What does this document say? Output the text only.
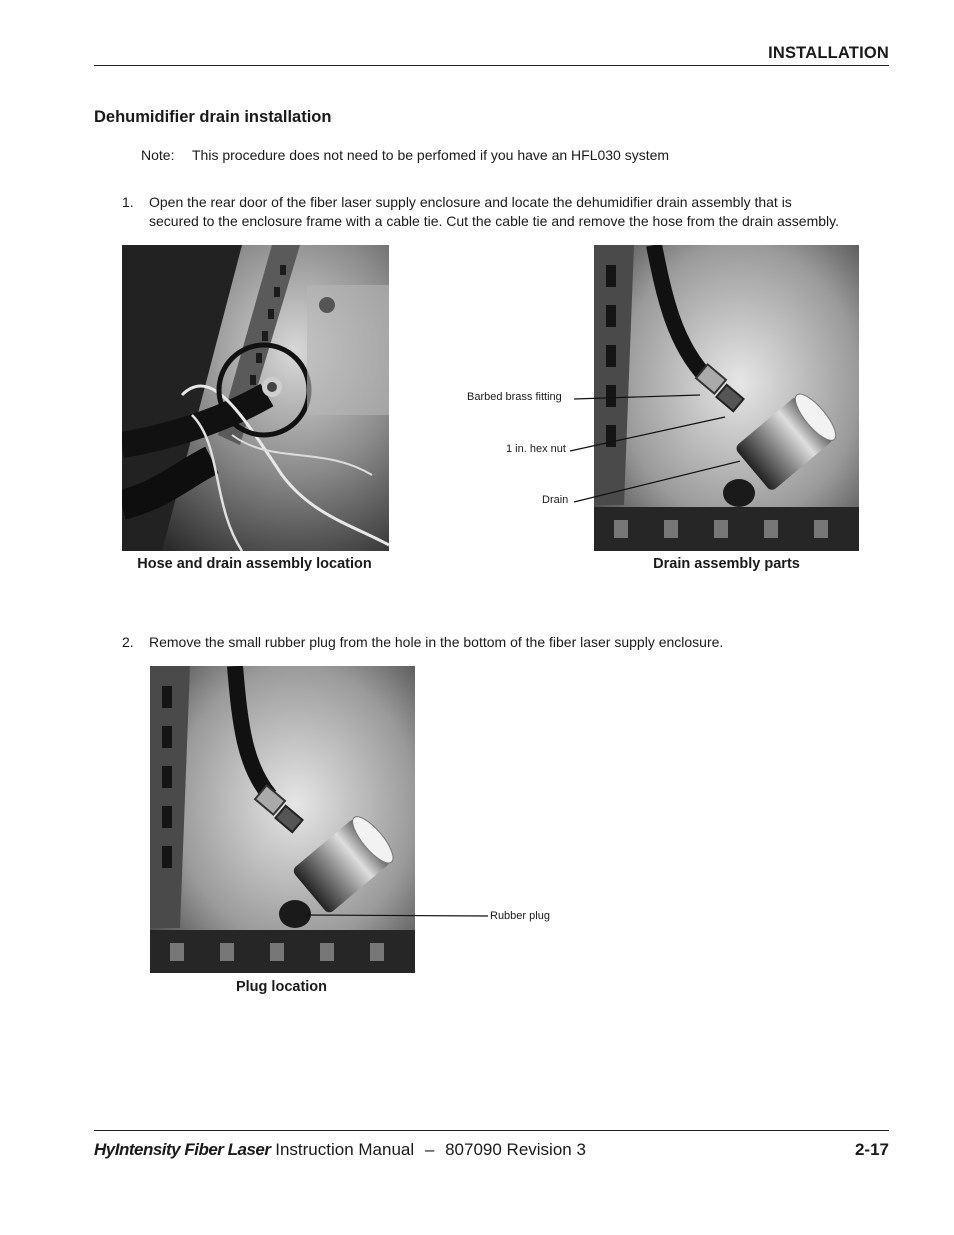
INSTALLATION
Dehumidifier drain installation
Note: This procedure does not need to be perfomed if you have an HFL030 system
1. Open the rear door of the fiber laser supply enclosure and locate the dehumidifier drain assembly that is
secured to the enclosure frame with a cable tie. Cut the cable tie and remove the hose from the drain assembly.
Hose and drain assembly location	Drain assembly parts
Barbed brass fitting
1 in. hex nut
Drain
2. Remove the small rubber plug from the hole in the bottom of the fiber laser supply enclosure.
Plug location
Rubber plug
HyIntensity Fiber Laser Instruction Manual – 807090 Revision 3	2-17
